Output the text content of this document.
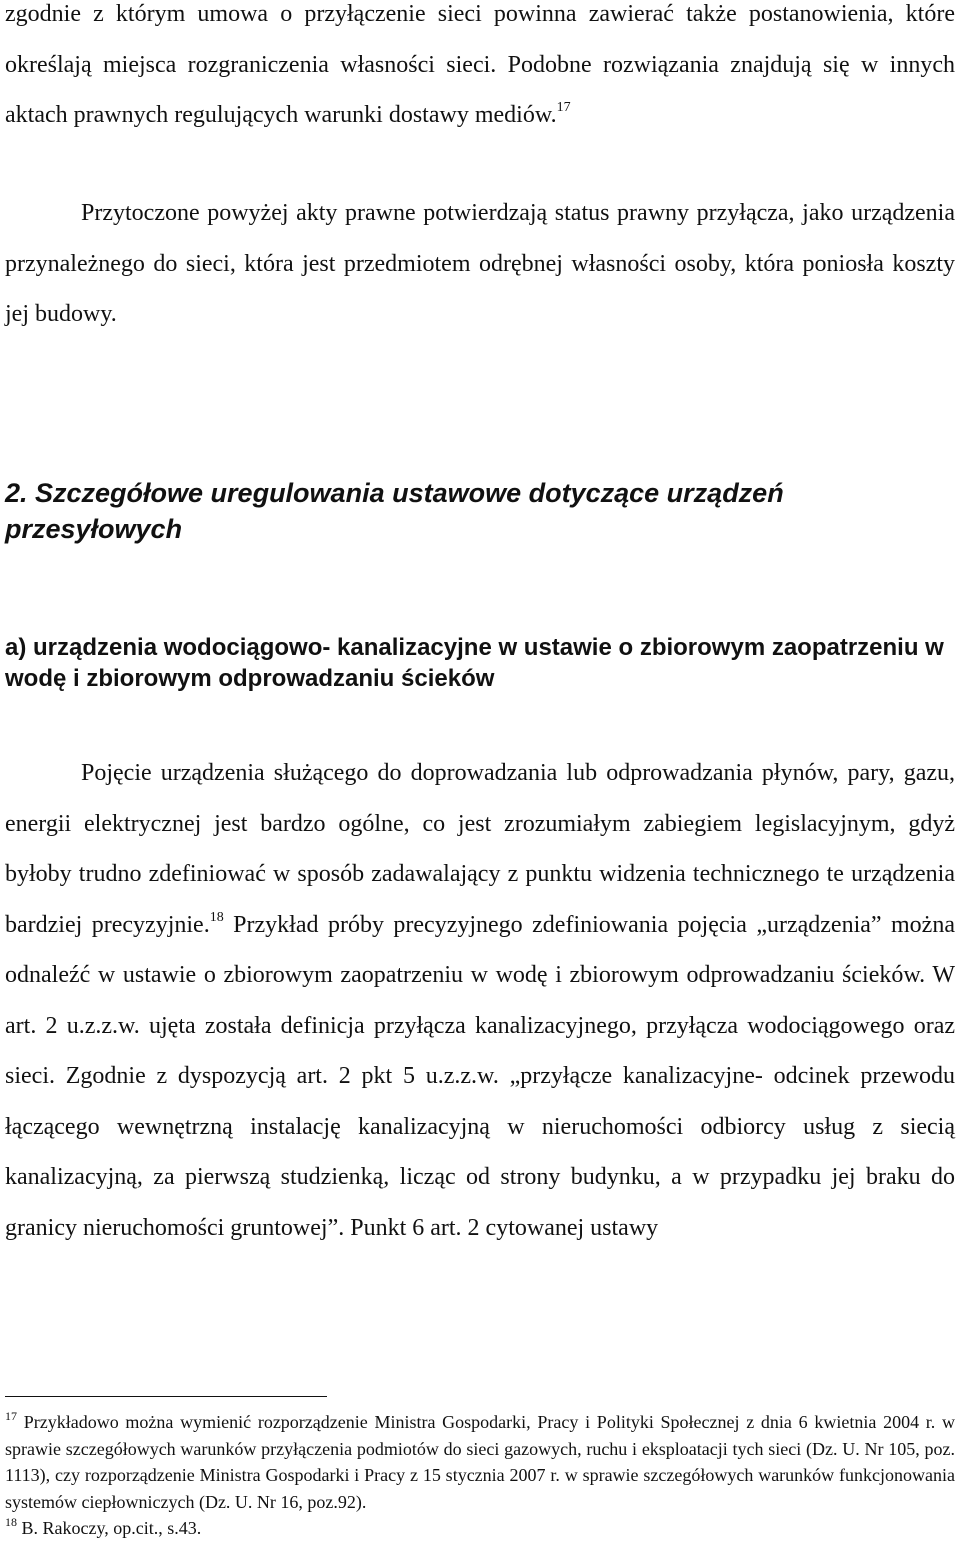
zgodnie z którym umowa o przyłączenie sieci powinna zawierać także postanowienia, które określają miejsca rozgraniczenia własności sieci. Podobne rozwiązania znajdują się w innych aktach prawnych regulujących warunki dostawy mediów.$^{17}$

Przytoczone powyżej akty prawne potwierdzają status prawny przyłącza, jako urządzenia przynależnego do sieci, która jest przedmiotem odrębnej własności osoby, która poniosła koszty jej budowy.

2. Szczegółowe uregulowania ustawowe dotyczące urządzeń przesyłowych

a) urządzenia wodociągowo- kanalizacyjne w ustawie o zbiorowym zaopatrzeniu w wodę i zbiorowym odprowadzaniu ścieków

Pojęcie urządzenia służącego do doprowadzania lub odprowadzania płynów, pary, gazu, energii elektrycznej jest bardzo ogólne, co jest zrozumiałym zabiegiem legislacyjnym, gdyż byłoby trudno zdefiniować w sposób zadawalający z punktu widzenia technicznego te urządzenia bardziej precyzyjnie.$^{18}$ Przykład próby precyzyjnego zdefiniowania pojęcia „urządzenia” można odnaleźć w ustawie o zbiorowym zaopatrzeniu w wodę i zbiorowym odprowadzaniu ścieków. W art. 2 u.z.z.w. ujęta została definicja przyłącza kanalizacyjnego, przyłącza wodociągowego oraz sieci. Zgodnie z dyspozycją art. 2 pkt 5 u.z.z.w. „przyłącze kanalizacyjne- odcinek przewodu łączącego wewnętrzną instalację kanalizacyjną w nieruchomości odbiorcy usług z siecią kanalizacyjną, za pierwszą studzienką, licząc od strony budynku, a w przypadku jej braku do granicy nieruchomości gruntowej”. Punkt 6 art. 2 cytowanej ustawy

$^{17}$ Przykładowo można wymienić rozporządzenie Ministra Gospodarki, Pracy i Polityki Społecznej z dnia 6 kwietnia 2004 r. w sprawie szczegółowych warunków przyłączenia podmiotów do sieci gazowych, ruchu i eksploatacji tych sieci (Dz. U. Nr 105, poz. 1113), czy rozporządzenie Ministra Gospodarki i Pracy z 15 stycznia 2007 r. w sprawie szczegółowych warunków funkcjonowania systemów ciepłowniczych (Dz. U. Nr 16, poz.92).

$^{18}$ B. Rakoczy, op.cit., s.43.
